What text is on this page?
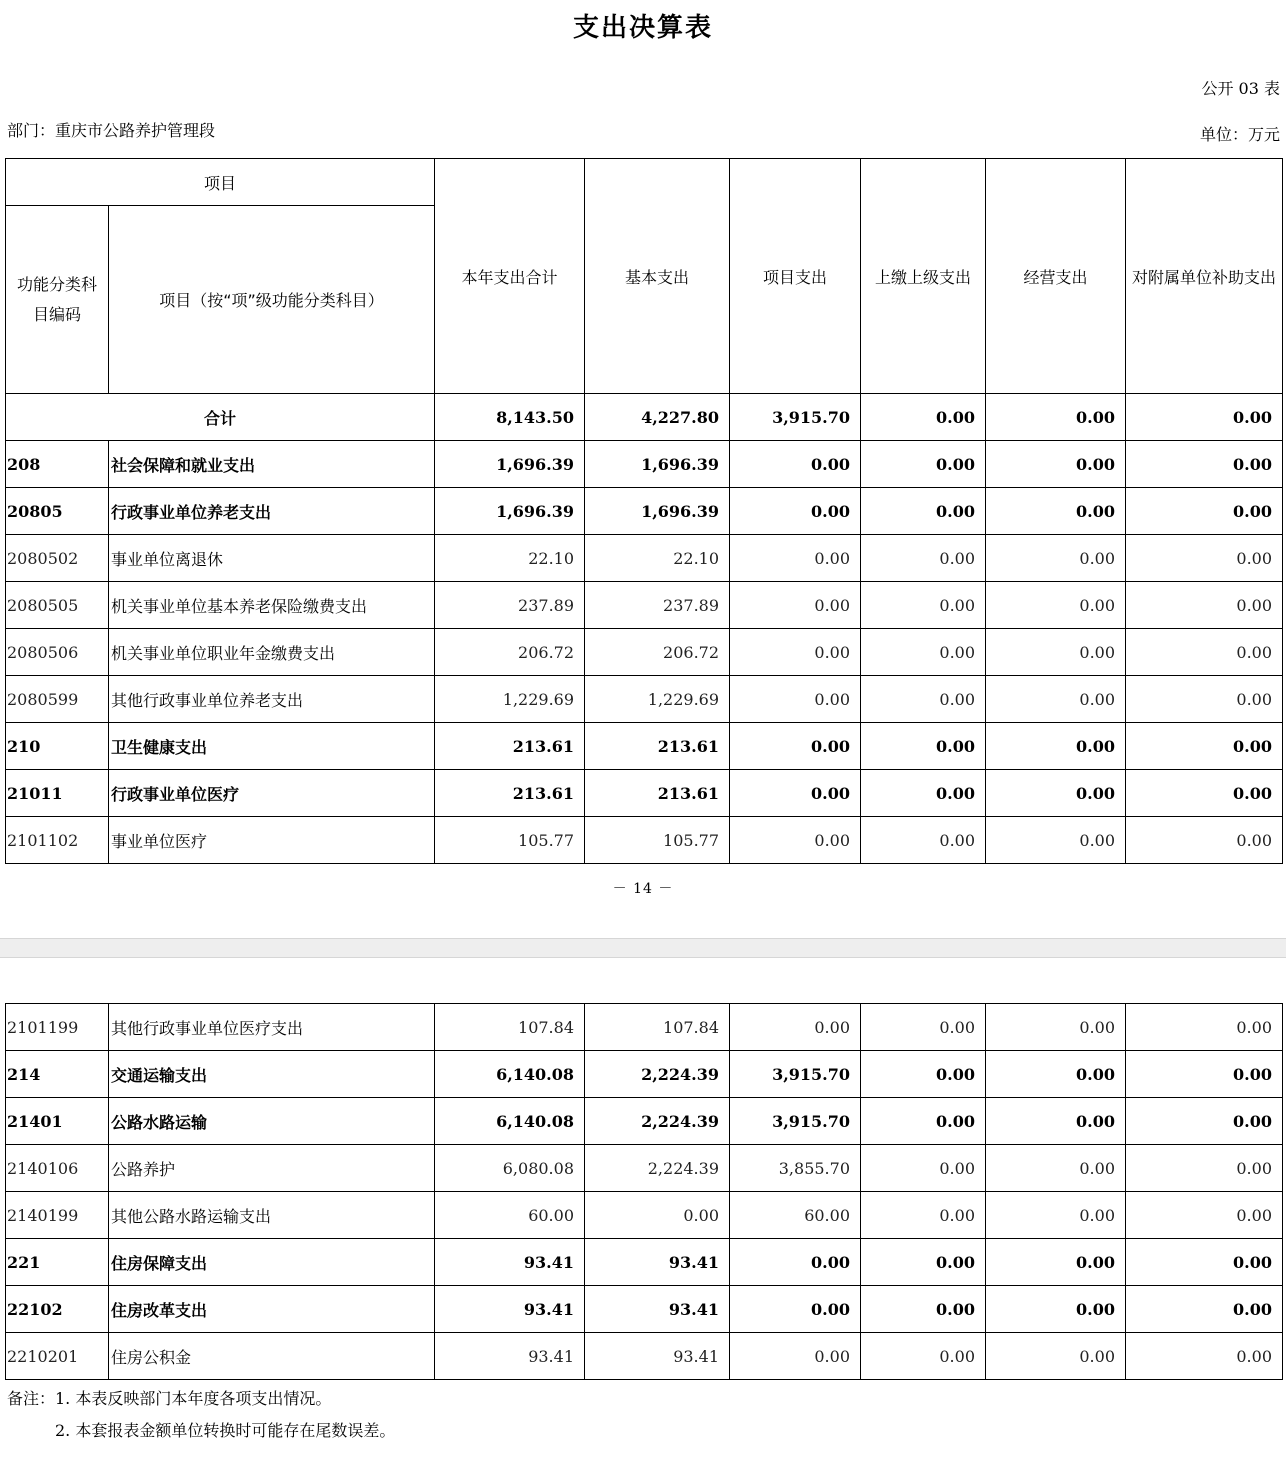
支出决算表
公开 03 表
部门：重庆市公路养护管理段	单位：万元
项目		本年支出合计	基本支出	项目支出	上缴上级支出	经营支出	对附属单位补助支出
功能分类科目编码	项目（按“项”级功能分类科目）						
合计		8,143.50	4,227.80	3,915.70	0.00	0.00	0.00
208	社会保障和就业支出	1,696.39	1,696.39	0.00	0.00	0.00	0.00
20805	行政事业单位养老支出	1,696.39	1,696.39	0.00	0.00	0.00	0.00
2080502	事业单位离退休	22.10	22.10	0.00	0.00	0.00	0.00
2080505	机关事业单位基本养老保险缴费支出	237.89	237.89	0.00	0.00	0.00	0.00
2080506	机关事业单位职业年金缴费支出	206.72	206.72	0.00	0.00	0.00	0.00
2080599	其他行政事业单位养老支出	1,229.69	1,229.69	0.00	0.00	0.00	0.00
210	卫生健康支出	213.61	213.61	0.00	0.00	0.00	0.00
21011	行政事业单位医疗	213.61	213.61	0.00	0.00	0.00	0.00
2101102	事业单位医疗	105.77	105.77	0.00	0.00	0.00	0.00
－ 14 －
2101199	其他行政事业单位医疗支出	107.84	107.84	0.00	0.00	0.00	0.00
214	交通运输支出	6,140.08	2,224.39	3,915.70	0.00	0.00	0.00
21401	公路水路运输	6,140.08	2,224.39	3,915.70	0.00	0.00	0.00
2140106	公路养护	6,080.08	2,224.39	3,855.70	0.00	0.00	0.00
2140199	其他公路水路运输支出	60.00	0.00	60.00	0.00	0.00	0.00
221	住房保障支出	93.41	93.41	0.00	0.00	0.00	0.00
22102	住房改革支出	93.41	93.41	0.00	0.00	0.00	0.00
2210201	住房公积金	93.41	93.41	0.00	0.00	0.00	0.00
备注：1. 本表反映部门本年度各项支出情况。
2. 本套报表金额单位转换时可能存在尾数误差。
